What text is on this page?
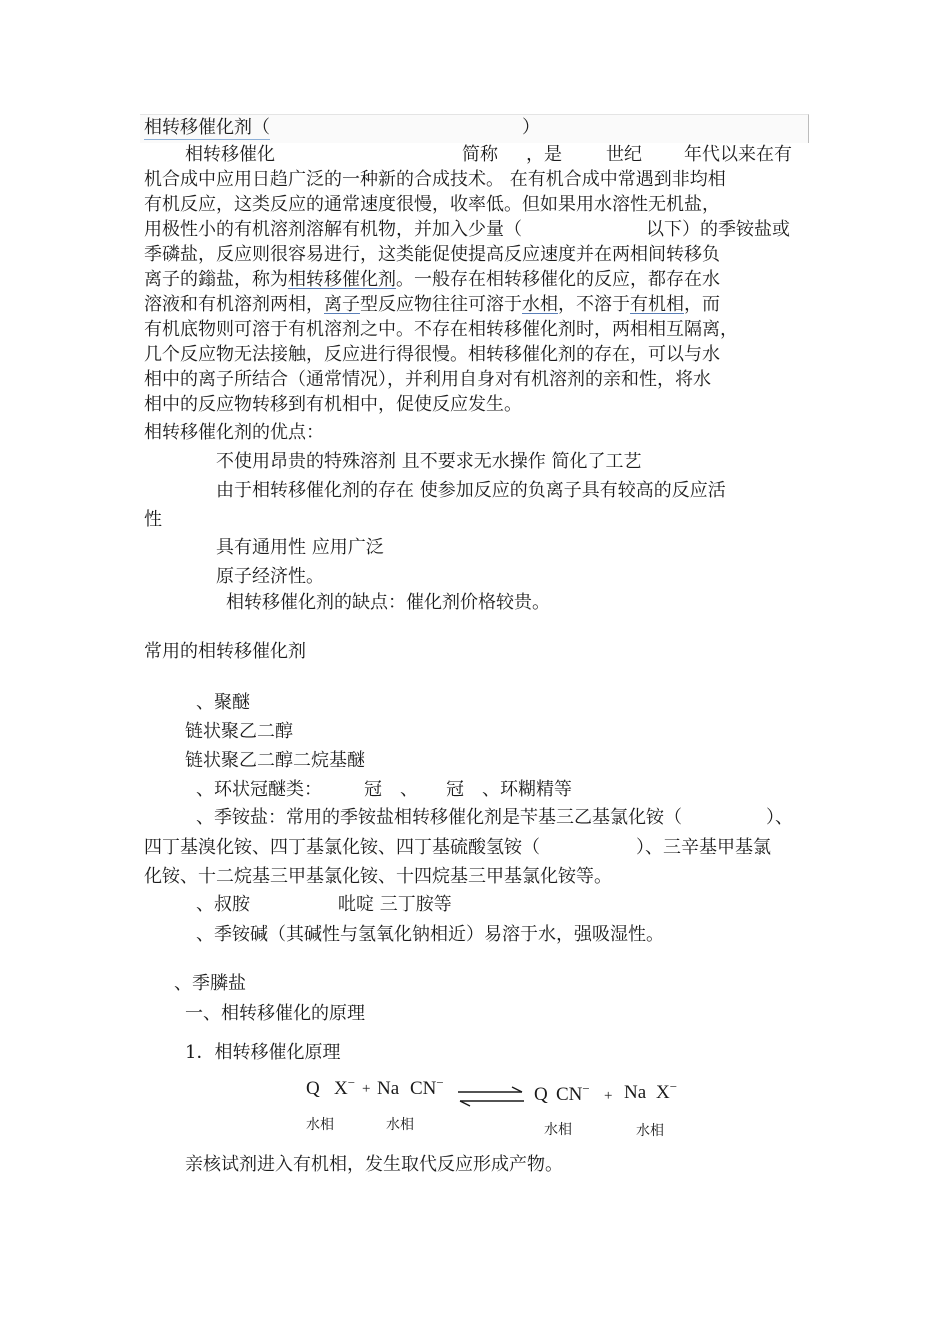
相转移催化剂（	）
相转移催化	简称 ，是 世纪 年代以来在有
机合成中应用日趋广泛的一种新的合成技术。 在有机合成中常遇到非均相
有机反应，这类反应的通常速度很慢，收率低。但如果用水溶性无机盐，
用极性小的有机溶剂溶解有机物，并加入少量（	以下）的季铵盐或
季磷盐，反应则很容易进行，这类能促使提高反应速度并在两相间转移负
离子的鎓盐，称为相转移催化剂。一般存在相转移催化的反应，都存在水
溶液和有机溶剂两相，离子型反应物往往可溶于水相，不溶于有机相，而
有机底物则可溶于有机溶剂之中。不存在相转移催化剂时，两相相互隔离，
几个反应物无法接触，反应进行得很慢。相转移催化剂的存在，可以与水
相中的离子所结合（通常情况），并利用自身对有机溶剂的亲和性，将水
相中的反应物转移到有机相中，促使反应发生。
相转移催化剂的优点：
不使用昂贵的特殊溶剂 且不要求无水操作 简化了工艺
由于相转移催化剂的存在 使参加反应的负离子具有较高的反应活
性
具有通用性 应用广泛
原子经济性。
相转移催化剂的缺点：催化剂价格较贵。
常用的相转移催化剂
、聚醚
链状聚乙二醇
链状聚乙二醇二烷基醚
、环状冠醚类： 冠 、 冠 、环糊精等
、季铵盐：常用的季铵盐相转移催化剂是苄基三乙基氯化铵（	）、
四丁基溴化铵、四丁基氯化铵、四丁基硫酸氢铵（	）、三辛基甲基氯
化铵、十二烷基三甲基氯化铵、十四烷基三甲基氯化铵等。
、叔胺	吡啶 三丁胺等
、季铵碱（其碱性与氢氧化钠相近）易溶于水，强吸湿性。
、季膦盐
一、相转移催化的原理
1．相转移催化原理
Q X− + Na CN−
⇌ Q CN− + Na X−
水相	水相	水相	水相
亲核试剂进入有机相，发生取代反应形成产物。
